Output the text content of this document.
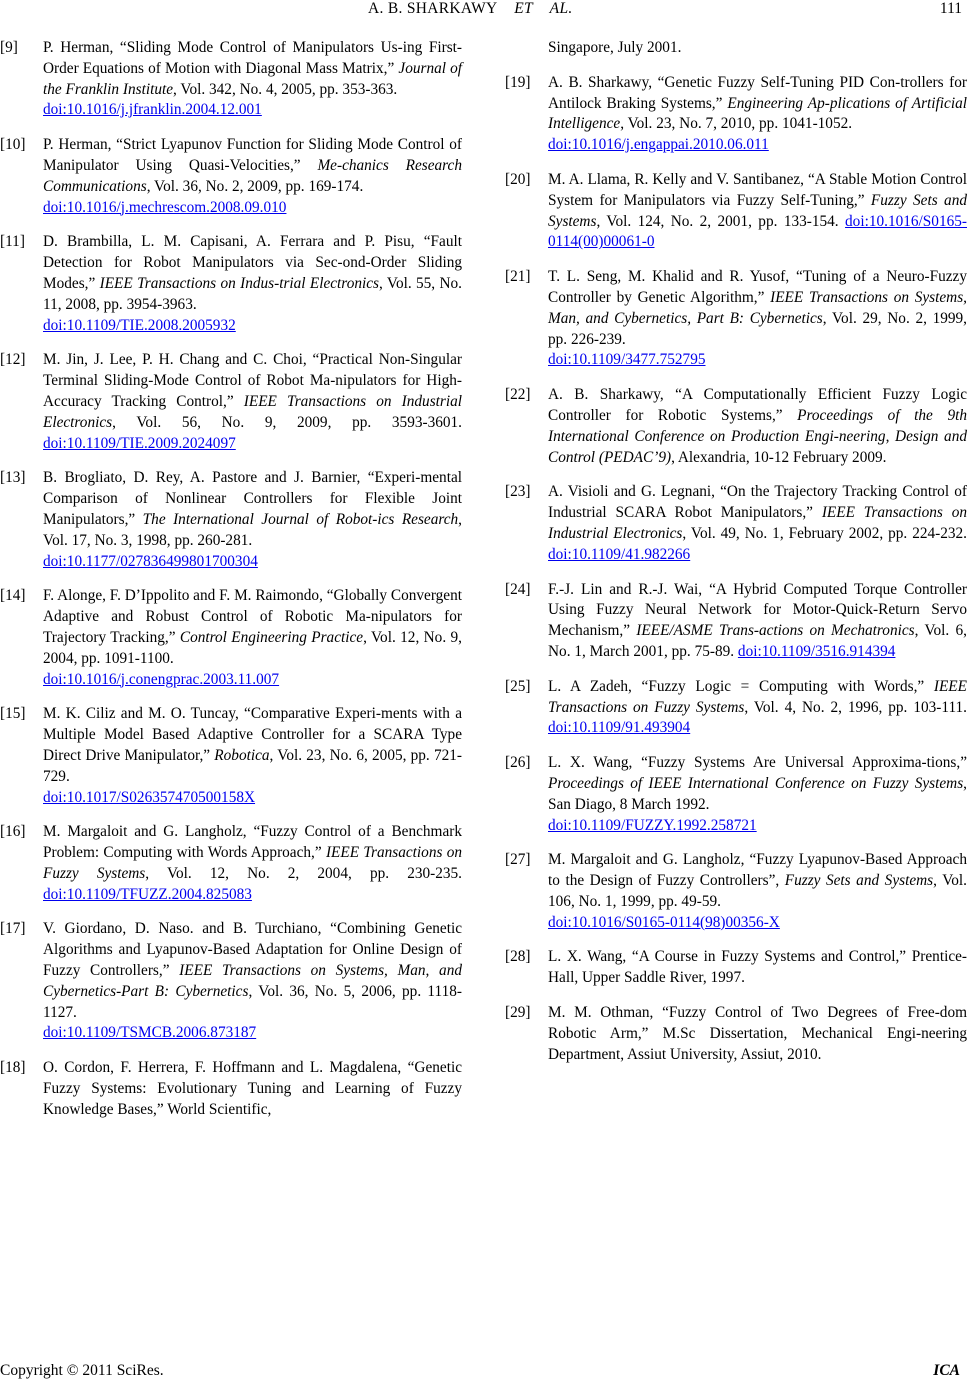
A. B. SHARKAWY ET AL.	111
[9] P. Herman, “Sliding Mode Control of Manipulators Us-ing First-Order Equations of Motion with Diagonal Mass Matrix,” Journal of the Franklin Institute, Vol. 342, No. 4, 2005, pp. 353-363.
doi:10.1016/j.jfranklin.2004.12.001
[10] P. Herman, “Strict Lyapunov Function for Sliding Mode Control of Manipulator Using Quasi-Velocities,” Me-chanics Research Communications, Vol. 36, No. 2, 2009, pp. 169-174.
doi:10.1016/j.mechrescom.2008.09.010
[11] D. Brambilla, L. M. Capisani, A. Ferrara and P. Pisu, “Fault Detection for Robot Manipulators via Sec-ond-Order Sliding Modes,” IEEE Transactions on Indus-trial Electronics, Vol. 55, No. 11, 2008, pp. 3954-3963.
doi:10.1109/TIE.2008.2005932
[12] M. Jin, J. Lee, P. H. Chang and C. Choi, “Practical Non-Singular Terminal Sliding-Mode Control of Robot Ma-nipulators for High-Accuracy Tracking Control,” IEEE Transactions on Industrial Electronics, Vol. 56, No. 9, 2009, pp. 3593-3601. doi:10.1109/TIE.2009.2024097
[13] B. Brogliato, D. Rey, A. Pastore and J. Barnier, “Experi-mental Comparison of Nonlinear Controllers for Flexible Joint Manipulators,” The International Journal of Robot-ics Research, Vol. 17, No. 3, 1998, pp. 260-281.
doi:10.1177/027836499801700304
[14] F. Alonge, F. D’Ippolito and F. M. Raimondo, “Globally Convergent Adaptive and Robust Control of Robotic Ma-nipulators for Trajectory Tracking,” Control Engineering Practice, Vol. 12, No. 9, 2004, pp. 1091-1100.
doi:10.1016/j.conengprac.2003.11.007
[15] M. K. Ciliz and M. O. Tuncay, “Comparative Experi-ments with a Multiple Model Based Adaptive Controller for a SCARA Type Direct Drive Manipulator,” Robotica, Vol. 23, No. 6, 2005, pp. 721-729.
doi:10.1017/S026357470500158X
[16] M. Margaloit and G. Langholz, “Fuzzy Control of a Benchmark Problem: Computing with Words Approach,” IEEE Transactions on Fuzzy Systems, Vol. 12, No. 2, 2004, pp. 230-235. doi:10.1109/TFUZZ.2004.825083
[17] V. Giordano, D. Naso. and B. Turchiano, “Combining Genetic Algorithms and Lyapunov-Based Adaptation for Online Design of Fuzzy Controllers,” IEEE Transactions on Systems, Man, and Cybernetics-Part B: Cybernetics, Vol. 36, No. 5, 2006, pp. 1118-1127.
doi:10.1109/TSMCB.2006.873187
[18] O. Cordon, F. Herrera, F. Hoffmann and L. Magdalena, “Genetic Fuzzy Systems: Evolutionary Tuning and Learning of Fuzzy Knowledge Bases,” World Scientific,
Singapore, July 2001.
[19] A. B. Sharkawy, “Genetic Fuzzy Self-Tuning PID Con-trollers for Antilock Braking Systems,” Engineering Ap-plications of Artificial Intelligence, Vol. 23, No. 7, 2010, pp. 1041-1052.
doi:10.1016/j.engappai.2010.06.011
[20] M. A. Llama, R. Kelly and V. Santibanez, “A Stable Motion Control System for Manipulators via Fuzzy Self-Tuning,” Fuzzy Sets and Systems, Vol. 124, No. 2, 2001, pp. 133-154. doi:10.1016/S0165-0114(00)00061-0
[21] T. L. Seng, M. Khalid and R. Yusof, “Tuning of a Neuro-Fuzzy Controller by Genetic Algorithm,” IEEE Transactions on Systems, Man, and Cybernetics, Part B: Cybernetics, Vol. 29, No. 2, 1999, pp. 226-239.
doi:10.1109/3477.752795
[22] A. B. Sharkawy, “A Computationally Efficient Fuzzy Logic Controller for Robotic Systems,” Proceedings of the 9th International Conference on Production Engi-neering, Design and Control (PEDAC’9), Alexandria, 10-12 February 2009.
[23] A. Visioli and G. Legnani, “On the Trajectory Tracking Control of Industrial SCARA Robot Manipulators,” IEEE Transactions on Industrial Electronics, Vol. 49, No. 1, February 2002, pp. 224-232. doi:10.1109/41.982266
[24] F.-J. Lin and R.-J. Wai, “A Hybrid Computed Torque Controller Using Fuzzy Neural Network for Motor-Quick-Return Servo Mechanism,” IEEE/ASME Trans-actions on Mechatronics, Vol. 6, No. 1, March 2001, pp. 75-89. doi:10.1109/3516.914394
[25] L. A Zadeh, “Fuzzy Logic = Computing with Words,” IEEE Transactions on Fuzzy Systems, Vol. 4, No. 2, 1996, pp. 103-111. doi:10.1109/91.493904
[26] L. X. Wang, “Fuzzy Systems Are Universal Approxima-tions,” Proceedings of IEEE International Conference on Fuzzy Systems, San Diago, 8 March 1992.
doi:10.1109/FUZZY.1992.258721
[27] M. Margaloit and G. Langholz, “Fuzzy Lyapunov-Based Approach to the Design of Fuzzy Controllers”, Fuzzy Sets and Systems, Vol. 106, No. 1, 1999, pp. 49-59.
doi:10.1016/S0165-0114(98)00356-X
[28] L. X. Wang, “A Course in Fuzzy Systems and Control,” Prentice-Hall, Upper Saddle River, 1997.
[29] M. M. Othman, “Fuzzy Control of Two Degrees of Free-dom Robotic Arm,” M.Sc Dissertation, Mechanical Engi-neering Department, Assiut University, Assiut, 2010.
Copyright © 2011 SciRes.	ICA
